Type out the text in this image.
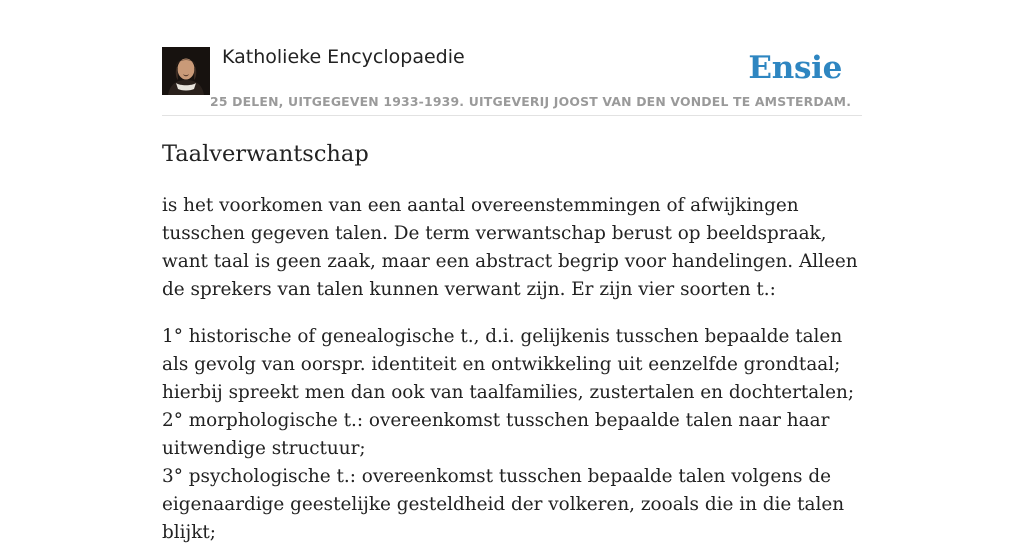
Katholieke Encyclopaedie
25 DELEN, UITGEGEVEN 1933-1939. UITGEVERIJ JOOST VAN DEN VONDEL TE AMSTERDAM.
Ensie
Taalverwantschap

is het voorkomen van een aantal overeenstemmingen of afwijkingen tusschen gegeven talen. De term verwantschap berust op beeldspraak, want taal is geen zaak, maar een abstract begrip voor handelingen. Alleen de sprekers van talen kunnen verwant zijn. Er zijn vier soorten t.:

1° historische of genealogische t., d.i. gelijkenis tusschen bepaalde talen als gevolg van oorspr. identiteit en ontwikkeling uit eenzelfde grondtaal; hierbij spreekt men dan ook van taalfamilies, zustertalen en dochtertalen;
2° morphologische t.: overeenkomst tusschen bepaalde talen naar haar uitwendige structuur;
3° psychologische t.: overeenkomst tusschen bepaalde talen volgens de eigenaardige geestelijke gesteldheid der volkeren, zooals die in die talen blijkt;
